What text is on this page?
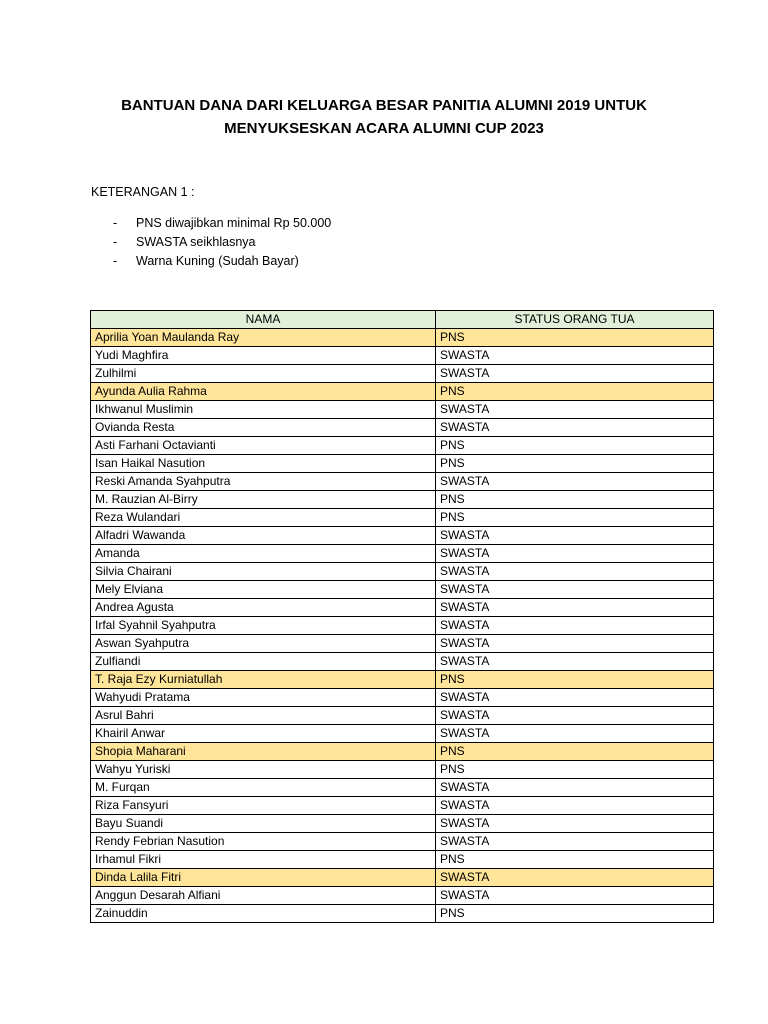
BANTUAN DANA DARI KELUARGA BESAR PANITIA ALUMNI 2019 UNTUK
MENYUKSESKAN ACARA ALUMNI CUP 2023
KETERANGAN 1 :
- PNS diwajibkan minimal Rp 50.000
- SWASTA seikhlasnya
- Warna Kuning (Sudah Bayar)
NAMA	STATUS ORANG TUA
Aprilia Yoan Maulanda Ray	PNS
Yudi Maghfira	SWASTA
Zulhilmi	SWASTA
Ayunda Aulia Rahma	PNS
Ikhwanul Muslimin	SWASTA
Ovianda Resta	SWASTA
Asti Farhani Octavianti	PNS
Isan Haikal Nasution	PNS
Reski Amanda Syahputra	SWASTA
M. Rauzian Al-Birry	PNS
Reza Wulandari	PNS
Alfadri Wawanda	SWASTA
Amanda	SWASTA
Silvia Chairani	SWASTA
Mely Elviana	SWASTA
Andrea Agusta	SWASTA
Irfal Syahnil Syahputra	SWASTA
Aswan Syahputra	SWASTA
Zulfiandi	SWASTA
T. Raja Ezy Kurniatullah	PNS
Wahyudi Pratama	SWASTA
Asrul Bahri	SWASTA
Khairil Anwar	SWASTA
Shopia Maharani	PNS
Wahyu Yuriski	PNS
M. Furqan	SWASTA
Riza Fansyuri	SWASTA
Bayu Suandi	SWASTA
Rendy Febrian Nasution	SWASTA
Irhamul Fikri	PNS
Dinda Lalila Fitri	SWASTA
Anggun Desarah Alfiani	SWASTA
Zainuddin	PNS
